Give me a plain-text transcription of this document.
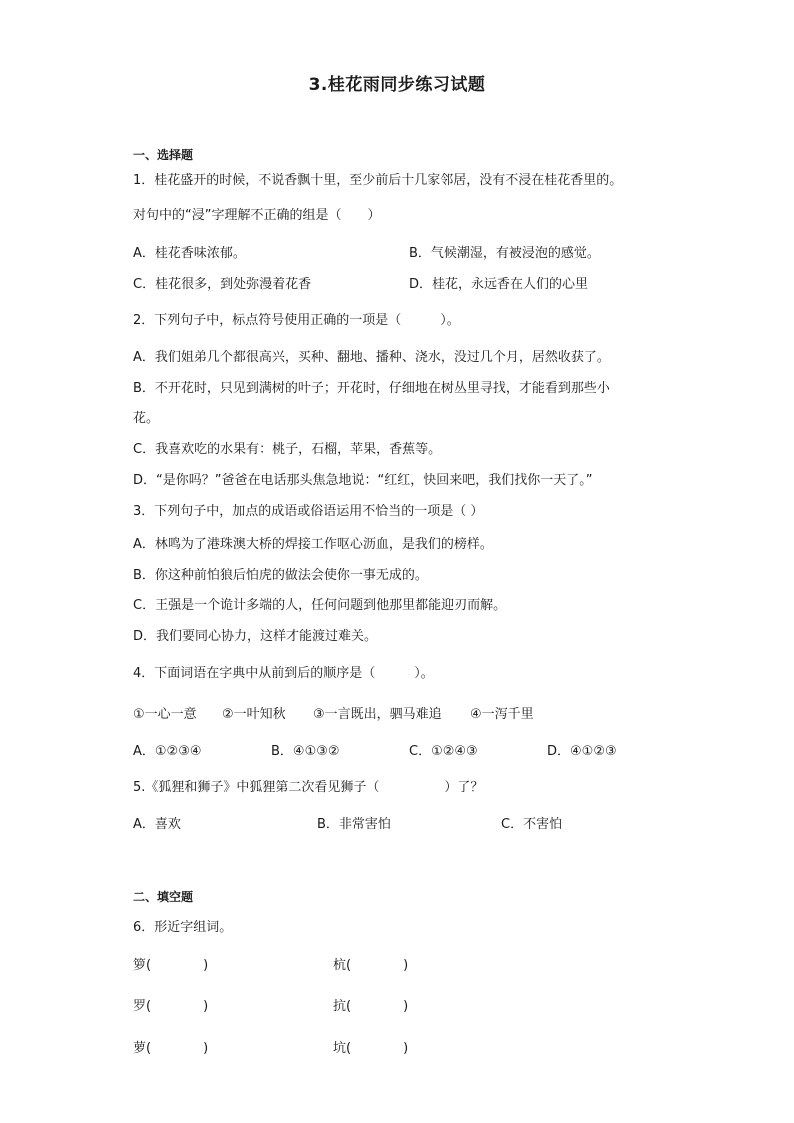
3.桂花雨同步练习试题
一、选择题
1．桂花盛开的时候，不说香飘十里，至少前后十几家邻居，没有不浸在桂花香里的。
对句中的“浸”字理解不正确的组是（　　）
A．桂花香味浓郁。	B．气候潮湿，有被浸泡的感觉。
C．桂花很多，到处弥漫着花香	D．桂花，永远香在人们的心里
2．下列句子中，标点符号使用正确的一项是（　　　）。
A．我们姐弟几个都很高兴，买种、翻地、播种、浇水，没过几个月，居然收获了。
B．不开花时，只见到满树的叶子；开花时，仔细地在树丛里寻找，才能看到那些小
花。
C．我喜欢吃的水果有：桃子，石榴，苹果，香蕉等。
D．“是你吗？”爸爸在电话那头焦急地说：“红红，快回来吧，我们找你一天了。”
3．下列句子中，加点的成语或俗语运用不恰当的一项是（ ）
A．林鸣为了港珠澳大桥的焊接工作呕心沥血，是我们的榜样。
B．你这种前怕狼后怕虎的做法会使你一事无成的。
C．王强是一个诡计多端的人，任何问题到他那里都能迎刃而解。
D．我们要同心协力，这样才能渡过难关。
4．下面词语在字典中从前到后的顺序是（　　　）。
①一心一意 ②一叶知秋 ③一言既出，驷马难追 ④一泻千里
A．①②③④	B．④①③②	C．①②④③	D．④①②③
5.《狐狸和狮子》中狐狸第二次看见狮子（　　　　　）了？
A．喜欢	B．非常害怕	C．不害怕
二、填空题
6．形近字组词。
箩(　　　　)	杭(　　　　)
罗(　　　　)	抗(　　　　)
萝(　　　　)	坑(　　　　)
